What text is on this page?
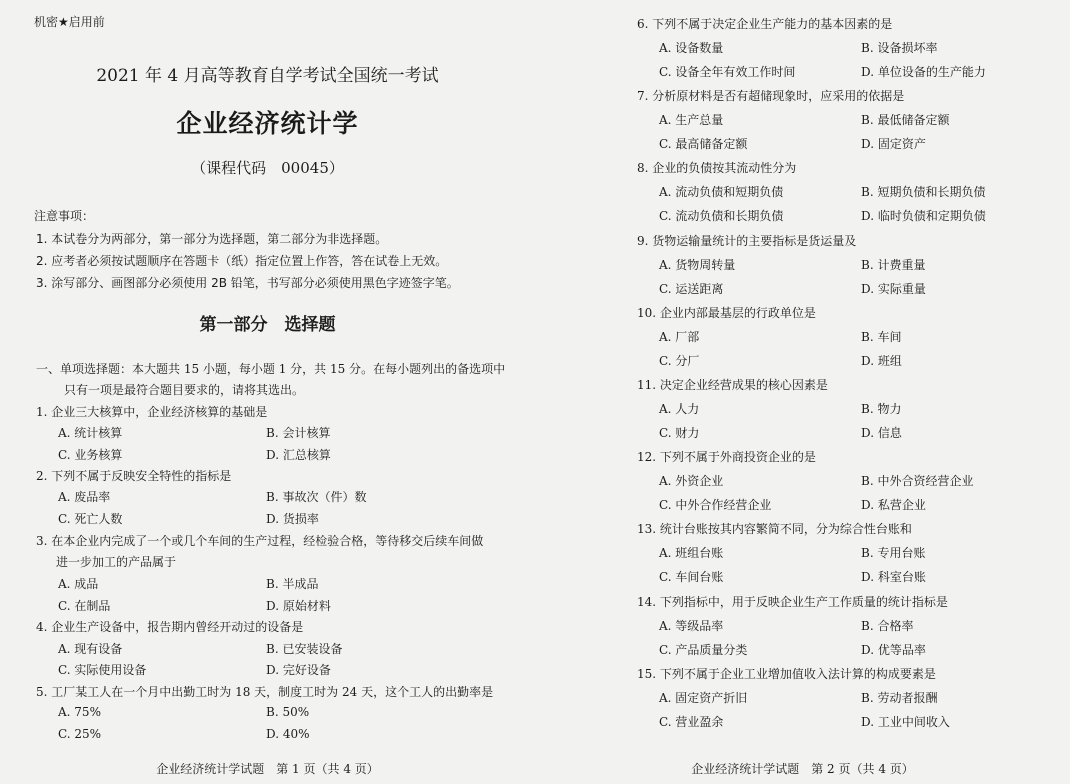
机密★启用前
2021 年 4 月高等教育自学考试全国统一考试
企业经济统计学
（课程代码　00045）
注意事项：
1. 本试卷分为两部分，第一部分为选择题，第二部分为非选择题。
2. 应考者必须按试题顺序在答题卡（纸）指定位置上作答，答在试卷上无效。
3. 涂写部分、画图部分必须使用 2B 铅笔，书写部分必须使用黑色字迹签字笔。
第一部分　选择题
一、单项选择题：本大题共 15 小题，每小题 1 分，共 15 分。在每小题列出的备选项中
只有一项是最符合题目要求的，请将其选出。
1. 企业三大核算中，企业经济核算的基础是
A. 统计核算	B. 会计核算
C. 业务核算	D. 汇总核算
2. 下列不属于反映安全特性的指标是
A. 废品率	B. 事故次（件）数
C. 死亡人数	D. 货损率
3. 在本企业内完成了一个或几个车间的生产过程，经检验合格，等待移交后续车间做
进一步加工的产品属于
A. 成品	B. 半成品
C. 在制品	D. 原始材料
4. 企业生产设备中，报告期内曾经开动过的设备是
A. 现有设备	B. 已安装设备
C. 实际使用设备	D. 完好设备
5. 工厂某工人在一个月中出勤工时为 18 天，制度工时为 24 天，这个工人的出勤率是
A. 75%	B. 50%
C. 25%	D. 40%
企业经济统计学试题　第 1 页（共 4 页）
6. 下列不属于决定企业生产能力的基本因素的是
A. 设备数量	B. 设备损坏率
C. 设备全年有效工作时间	D. 单位设备的生产能力
7. 分析原材料是否有超储现象时，应采用的依据是
A. 生产总量	B. 最低储备定额
C. 最高储备定额	D. 固定资产
8. 企业的负债按其流动性分为
A. 流动负债和短期负债	B. 短期负债和长期负债
C. 流动负债和长期负债	D. 临时负债和定期负债
9. 货物运输量统计的主要指标是货运量及
A. 货物周转量	B. 计费重量
C. 运送距离	D. 实际重量
10. 企业内部最基层的行政单位是
A. 厂部	B. 车间
C. 分厂	D. 班组
11. 决定企业经营成果的核心因素是
A. 人力	B. 物力
C. 财力	D. 信息
12. 下列不属于外商投资企业的是
A. 外资企业	B. 中外合资经营企业
C. 中外合作经营企业	D. 私营企业
13. 统计台账按其内容繁简不同，分为综合性台账和
A. 班组台账	B. 专用台账
C. 车间台账	D. 科室台账
14. 下列指标中，用于反映企业生产工作质量的统计指标是
A. 等级品率	B. 合格率
C. 产品质量分类	D. 优等品率
15. 下列不属于企业工业增加值收入法计算的构成要素是
A. 固定资产折旧	B. 劳动者报酬
C. 营业盈余	D. 工业中间收入
企业经济统计学试题　第 2 页（共 4 页）
